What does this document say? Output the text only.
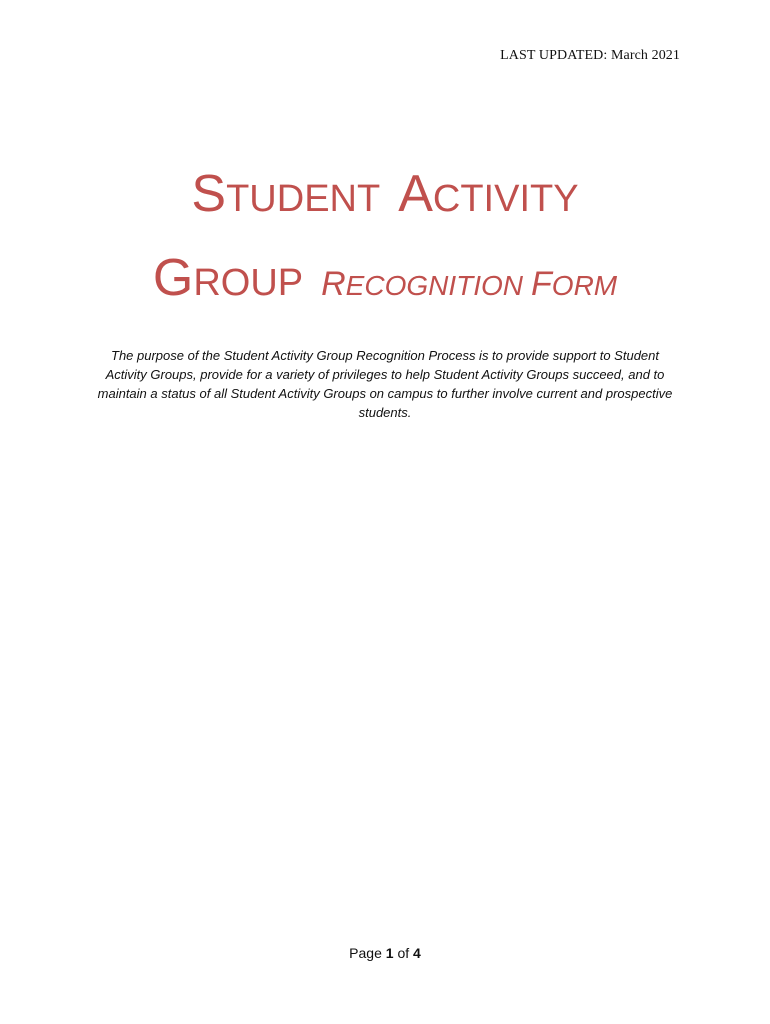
LAST UPDATED: March 2021
STUDENT ACTIVITY
GROUP RECOGNITION FORM
The purpose of the Student Activity Group Recognition Process is to provide support to Student Activity Groups, provide for a variety of privileges to help Student Activity Groups succeed, and to maintain a status of all Student Activity Groups on campus to further involve current and prospective students.
Page 1 of 4
